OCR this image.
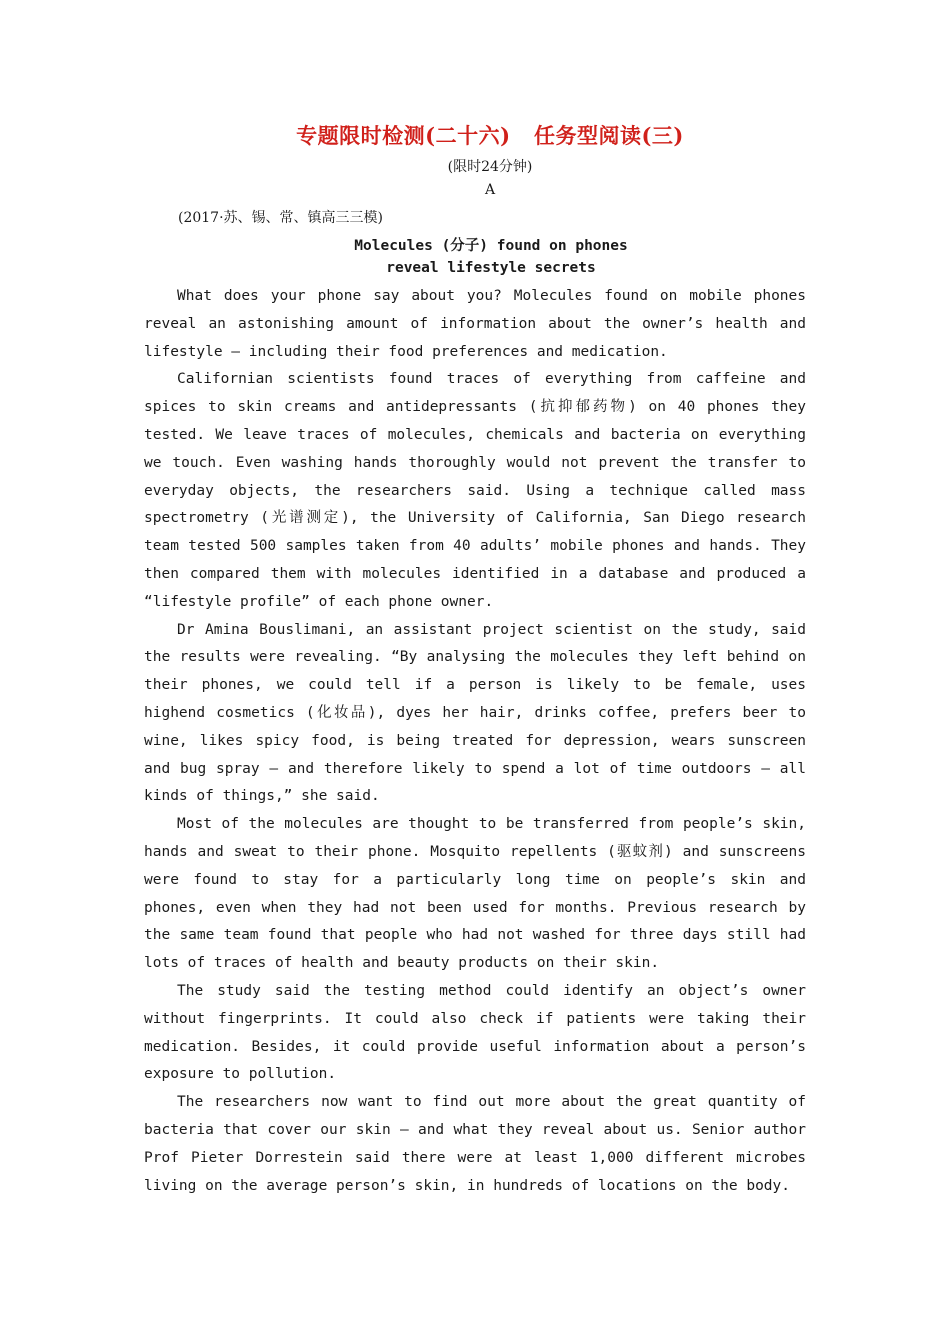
专题限时检测(二十六)   任务型阅读(三)
(限时24分钟)
A
(2017·苏、锡、常、镇高三三模)
Molecules (分子) found on phones
reveal lifestyle secrets

What does your phone say about you? Molecules found on mobile phones reveal an astonishing amount of information about the owner’s health and lifestyle — including their food preferences and medication.

Californian scientists found traces of everything from caffeine and spices to skin creams and antidepressants (抗抑郁药物) on 40 phones they tested. We leave traces of molecules, chemicals and bacteria on everything we touch. Even washing hands thoroughly would not prevent the transfer to everyday objects, the researchers said. Using a technique called mass spectrometry (光谱测定), the University of California, San Diego research team tested 500 samples taken from 40 adults’ mobile phones and hands. They then compared them with molecules identified in a database and produced a “lifestyle profile” of each phone owner.

Dr Amina Bouslimani, an assistant project scientist on the study, said the results were revealing. “By analysing the molecules they left behind on their phones, we could tell if a person is likely to be female, uses highend cosmetics (化妆品), dyes her hair, drinks coffee, prefers beer to wine, likes spicy food, is being treated for depression, wears sunscreen and bug spray — and therefore likely to spend a lot of time outdoors — all kinds of things,” she said.

Most of the molecules are thought to be transferred from people’s skin, hands and sweat to their phone. Mosquito repellents (驱蚊剂) and sunscreens were found to stay for a particularly long time on people’s skin and phones, even when they had not been used for months. Previous research by the same team found that people who had not washed for three days still had lots of traces of health and beauty products on their skin.

The study said the testing method could identify an object’s owner without fingerprints. It could also check if patients were taking their medication. Besides, it could provide useful information about a person’s exposure to pollution.

The researchers now want to find out more about the great quantity of bacteria that cover our skin — and what they reveal about us. Senior author Prof Pieter Dorrestein said there were at least 1,000 different microbes living on the average person’s skin, in hundreds of locations on the body.
